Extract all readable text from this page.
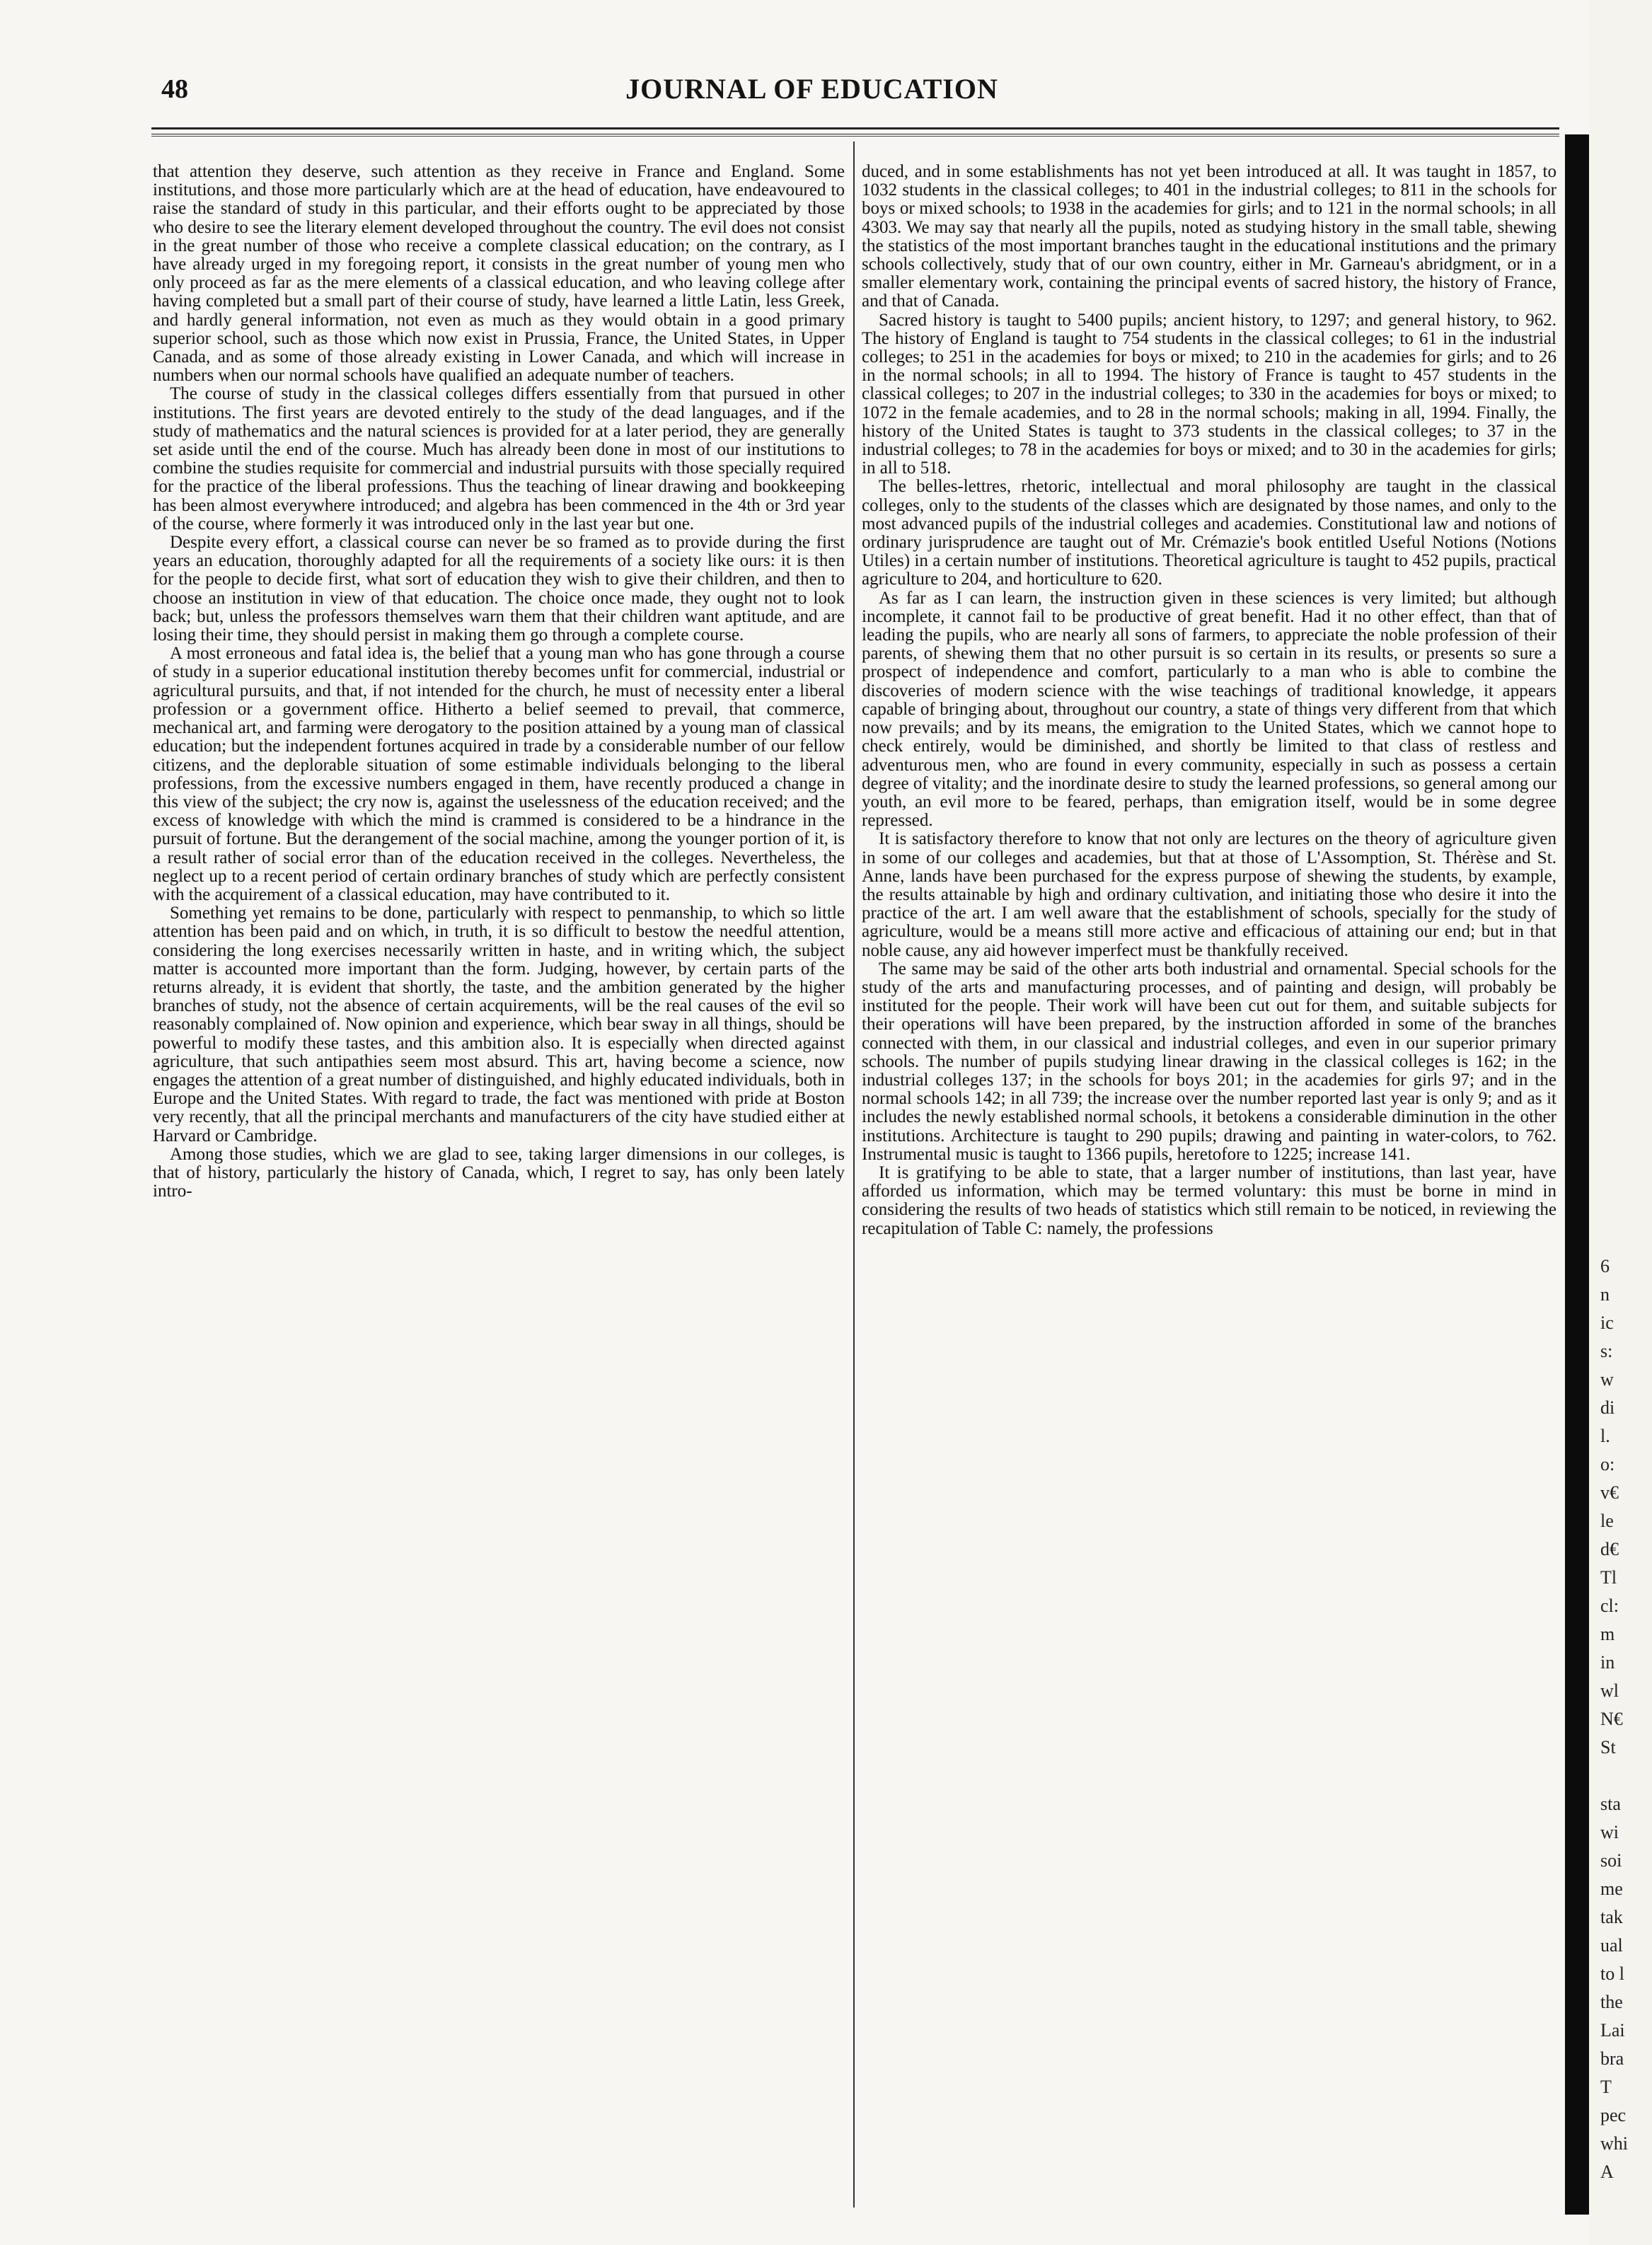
48	JOURNAL OF EDUCATION

that attention they deserve, such attention as they receive in France and England. Some institutions, and those more particularly which are at the head of education, have endeavoured to raise the standard of study in this particular, and their efforts ought to be appreciated by those who desire to see the literary element developed throughout the country. The evil does not consist in the great number of those who receive a complete classical education; on the contrary, as I have already urged in my foregoing report, it consists in the great number of young men who only proceed as far as the mere elements of a classical education, and who leaving college after having completed but a small part of their course of study, have learned a little Latin, less Greek, and hardly general information, not even as much as they would obtain in a good primary superior school, such as those which now exist in Prussia, France, the United States, in Upper Canada, and as some of those already existing in Lower Canada, and which will increase in numbers when our normal schools have qualified an adequate number of teachers.

The course of study in the classical colleges differs essentially from that pursued in other institutions. The first years are devoted entirely to the study of the dead languages, and if the study of mathematics and the natural sciences is provided for at a later period, they are generally set aside until the end of the course. Much has already been done in most of our institutions to combine the studies requisite for commercial and industrial pursuits with those specially required for the practice of the liberal professions. Thus the teaching of linear drawing and bookkeeping has been almost everywhere introduced; and algebra has been commenced in the 4th or 3rd year of the course, where formerly it was introduced only in the last year but one.

Despite every effort, a classical course can never be so framed as to provide during the first years an education, thoroughly adapted for all the requirements of a society like ours: it is then for the people to decide first, what sort of education they wish to give their children, and then to choose an institution in view of that education. The choice once made, they ought not to look back; but, unless the professors themselves warn them that their children want aptitude, and are losing their time, they should persist in making them go through a complete course.

A most erroneous and fatal idea is, the belief that a young man who has gone through a course of study in a superior educational institution thereby becomes unfit for commercial, industrial or agricultural pursuits, and that, if not intended for the church, he must of necessity enter a liberal profession or a government office. Hitherto a belief seemed to prevail, that commerce, mechanical art, and farming were derogatory to the position attained by a young man of classical education; but the independent fortunes acquired in trade by a considerable number of our fellow citizens, and the deplorable situation of some estimable individuals belonging to the liberal professions, from the excessive numbers engaged in them, have recently produced a change in this view of the subject; the cry now is, against the uselessness of the education received; and the excess of knowledge with which the mind is crammed is considered to be a hindrance in the pursuit of fortune. But the derangement of the social machine, among the younger portion of it, is a result rather of social error than of the education received in the colleges. Nevertheless, the neglect up to a recent period of certain ordinary branches of study which are perfectly consistent with the acquirement of a classical education, may have contributed to it.

Something yet remains to be done, particularly with respect to penmanship, to which so little attention has been paid and on which, in truth, it is so difficult to bestow the needful attention, considering the long exercises necessarily written in haste, and in writing which, the subject matter is accounted more important than the form. Judging, however, by certain parts of the returns already, it is evident that shortly, the taste, and the ambition generated by the higher branches of study, not the absence of certain acquirements, will be the real causes of the evil so reasonably complained of. Now opinion and experience, which bear sway in all things, should be powerful to modify these tastes, and this ambition also. It is especially when directed against agriculture, that such antipathies seem most absurd. This art, having become a science, now engages the attention of a great number of distinguished, and highly educated individuals, both in Europe and the United States. With regard to trade, the fact was mentioned with pride at Boston very recently, that all the principal merchants and manufacturers of the city have studied either at Harvard or Cambridge.

Among those studies, which we are glad to see, taking larger dimensions in our colleges, is that of history, particularly the history of Canada, which, I regret to say, has only been lately intro-

duced, and in some establishments has not yet been introduced at all. It was taught in 1857, to 1032 students in the classical colleges; to 401 in the industrial colleges; to 811 in the schools for boys or mixed schools; to 1938 in the academies for girls; and to 121 in the normal schools; in all 4303. We may say that nearly all the pupils, noted as studying history in the small table, shewing the statistics of the most important branches taught in the educational institutions and the primary schools collectively, study that of our own country, either in Mr. Garneau's abridgment, or in a smaller elementary work, containing the principal events of sacred history, the history of France, and that of Canada.

Sacred history is taught to 5400 pupils; ancient history, to 1297; and general history, to 962. The history of England is taught to 754 students in the classical colleges; to 61 in the industrial colleges; to 251 in the academies for boys or mixed; to 210 in the academies for girls; and to 26 in the normal schools; in all to 1994. The history of France is taught to 457 students in the classical colleges; to 207 in the industrial colleges; to 330 in the academies for boys or mixed; to 1072 in the female academies, and to 28 in the normal schools; making in all, 1994. Finally, the history of the United States is taught to 373 students in the classical colleges; to 37 in the industrial colleges; to 78 in the academies for boys or mixed; and to 30 in the academies for girls; in all to 518.

The belles-lettres, rhetoric, intellectual and moral philosophy are taught in the classical colleges, only to the students of the classes which are designated by those names, and only to the most advanced pupils of the industrial colleges and academies. Constitutional law and notions of ordinary jurisprudence are taught out of Mr. Crémazie's book entitled Useful Notions (Notions Utiles) in a certain number of institutions. Theoretical agriculture is taught to 452 pupils, practical agriculture to 204, and horticulture to 620.

As far as I can learn, the instruction given in these sciences is very limited; but although incomplete, it cannot fail to be productive of great benefit. Had it no other effect, than that of leading the pupils, who are nearly all sons of farmers, to appreciate the noble profession of their parents, of shewing them that no other pursuit is so certain in its results, or presents so sure a prospect of independence and comfort, particularly to a man who is able to combine the discoveries of modern science with the wise teachings of traditional knowledge, it appears capable of bringing about, throughout our country, a state of things very different from that which now prevails; and by its means, the emigration to the United States, which we cannot hope to check entirely, would be diminished, and shortly be limited to that class of restless and adventurous men, who are found in every community, especially in such as possess a certain degree of vitality; and the inordinate desire to study the learned professions, so general among our youth, an evil more to be feared, perhaps, than emigration itself, would be in some degree repressed.

It is satisfactory therefore to know that not only are lectures on the theory of agriculture given in some of our colleges and academies, but that at those of L'Assomption, St. Thérèse and St. Anne, lands have been purchased for the express purpose of shewing the students, by example, the results attainable by high and ordinary cultivation, and initiating those who desire it into the practice of the art. I am well aware that the establishment of schools, specially for the study of agriculture, would be a means still more active and efficacious of attaining our end; but in that noble cause, any aid however imperfect must be thankfully received.

The same may be said of the other arts both industrial and ornamental. Special schools for the study of the arts and manufacturing processes, and of painting and design, will probably be instituted for the people. Their work will have been cut out for them, and suitable subjects for their operations will have been prepared, by the instruction afforded in some of the branches connected with them, in our classical and industrial colleges, and even in our superior primary schools. The number of pupils studying linear drawing in the classical colleges is 162; in the industrial colleges 137; in the schools for boys 201; in the academies for girls 97; and in the normal schools 142; in all 739; the increase over the number reported last year is only 9; and as it includes the newly established normal schools, it betokens a considerable diminution in the other institutions. Architecture is taught to 290 pupils; drawing and painting in water-colors, to 762. Instrumental music is taught to 1366 pupils, heretofore to 1225; increase 141.

It is gratifying to be able to state, that a larger number of institutions, than last year, have afforded us information, which may be termed voluntary: this must be borne in mind in considering the results of two heads of statistics which still remain to be noticed, in reviewing the recapitulation of Table C: namely, the professions

6
n
ic
s:
w
di
l.
o:
v€
le
d€
Tl
cl:
m
in
wl
N€
St
sta
wi
soi
me
tak
ual
to l
the
Lai
bra
T
pec
whi
A
